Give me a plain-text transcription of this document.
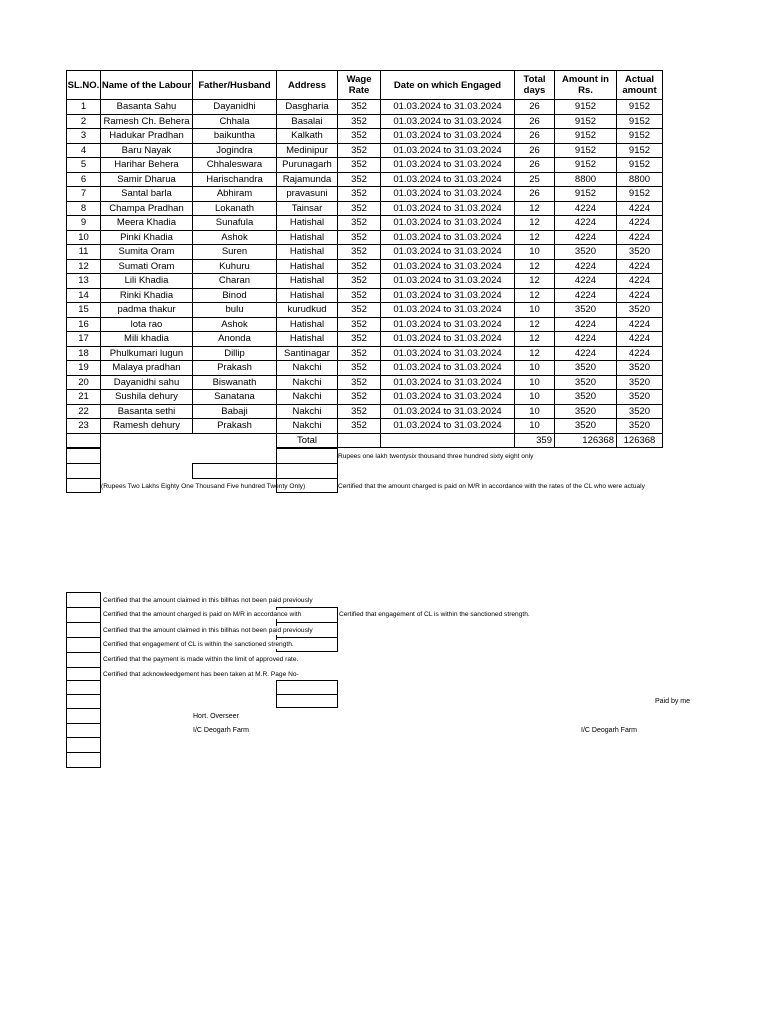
SL.NO.	Name of the Labour	Father/Husband	Address	Wage Rate	Date on which Engaged	Total days	Amount in Rs.	Actual amount
1	Basanta Sahu	Dayanidhi	Dasgharia	352	01.03.2024 to 31.03.2024	26	9152	9152
2	Ramesh Ch. Behera	Chhala	Basalai	352	01.03.2024 to 31.03.2024	26	9152	9152
3	Hadukar Pradhan	baikuntha	Kalkath	352	01.03.2024 to 31.03.2024	26	9152	9152
4	Baru Nayak	Jogindra	Medinipur	352	01.03.2024 to 31.03.2024	26	9152	9152
5	Harihar Behera	Chhaleswara	Purunagarh	352	01.03.2024 to 31.03.2024	26	9152	9152
6	Samir Dharua	Harischandra	Rajamunda	352	01.03.2024 to 31.03.2024	25	8800	8800
7	Santal barla	Abhiram	pravasuni	352	01.03.2024 to 31.03.2024	26	9152	9152
8	Champa Pradhan	Lokanath	Tainsar	352	01.03.2024 to 31.03.2024	12	4224	4224
9	Meera Khadia	Sunafula	Hatishal	352	01.03.2024 to 31.03.2024	12	4224	4224
10	Pinki Khadia	Ashok	Hatishal	352	01.03.2024 to 31.03.2024	12	4224	4224
11	Sumita Oram	Suren	Hatishal	352	01.03.2024 to 31.03.2024	10	3520	3520
12	Sumati Oram	Kuhuru	Hatishal	352	01.03.2024 to 31.03.2024	12	4224	4224
13	Lili Khadia	Charan	Hatishal	352	01.03.2024 to 31.03.2024	12	4224	4224
14	Rinki Khadia	Binod	Hatishal	352	01.03.2024 to 31.03.2024	12	4224	4224
15	padma thakur	bulu	kurudkud	352	01.03.2024 to 31.03.2024	10	3520	3520
16	lota rao	Ashok	Hatishal	352	01.03.2024 to 31.03.2024	12	4224	4224
17	Mili khadia	Anonda	Hatishal	352	01.03.2024 to 31.03.2024	12	4224	4224
18	Phulkumari lugun	Dillip	Santinagar	352	01.03.2024 to 31.03.2024	12	4224	4224
19	Malaya pradhan	Prakash	Nakchi	352	01.03.2024 to 31.03.2024	10	3520	3520
20	Dayanidhi sahu	Biswanath	Nakchi	352	01.03.2024 to 31.03.2024	10	3520	3520
21	Sushila dehury	Sanatana	Nakchi	352	01.03.2024 to 31.03.2024	10	3520	3520
22	Basanta sethi	Babaji	Nakchi	352	01.03.2024 to 31.03.2024	10	3520	3520
23	Ramesh dehury	Prakash	Nakchi	352	01.03.2024 to 31.03.2024	10	3520	3520
			Total			359	126368	126368
Rupees one lakh twentysix thousand three hundred sixty eight only
(Rupees Two Lakhs Eighty One Thousand Five hundred Twenty Only)	Certified that the amount charged is paid on M/R in accordance with the rates of the CL who were actualy
Certified that the amount claimed in this billhas not been paid previously
Certified that the amount charged is paid on M/R in accordance with	Certified that engagement of CL is within the sanctioned strength.
Certified that the amount claimed in this billhas not been paid previously
Certified that engagement of CL is within the sanctioned strength.
Certified that the payment is made within the limit of approved rate.
Certified that acknowleedgement has been taken at M.R. Page No-
Paid by me
Hort. Overseer
I/C Deogarh Farm	I/C Deogarh Farm
